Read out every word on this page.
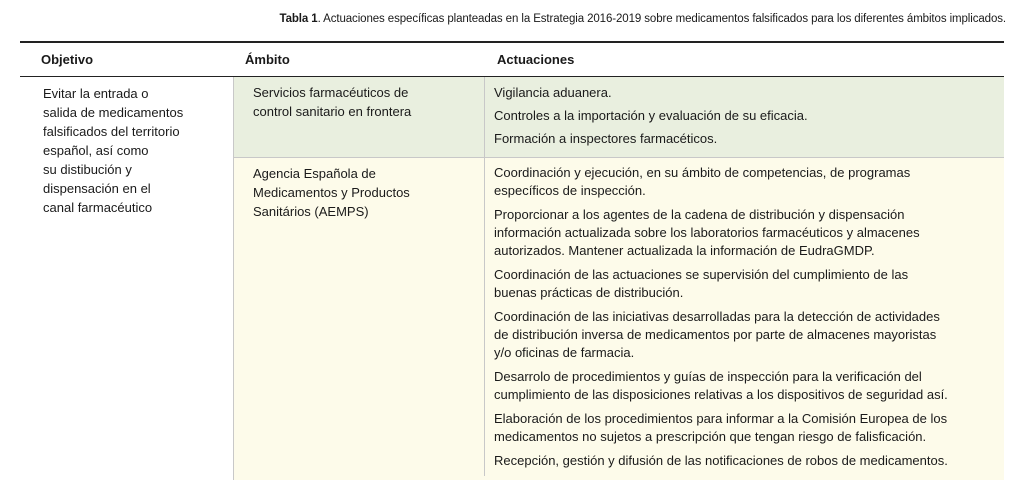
Tabla 1. Actuaciones específicas planteadas en la Estrategia 2016-2019 sobre medicamentos falsificados para los diferentes ámbitos implicados.
Objetivo	Ámbito	Actuaciones
Evitar la entrada o
salida de medicamentos
falsificados del territorio
español, así como
su distibución y
dispensación en el
canal farmacéutico
Servicios farmacéuticos de
control sanitario en frontera
Vigilancia aduanera.
Controles a la importación y evaluación de su eficacia.
Formación a inspectores farmacéticos.
Agencia Española de
Medicamentos y Productos
Sanitários (AEMPS)
Coordinación y ejecución, en su ámbito de competencias, de programas
específicos de inspección.
Proporcionar a los agentes de la cadena de distribución y dispensación
información actualizada sobre los laboratorios farmacéuticos y almacenes
autorizados. Mantener actualizada la información de EudraGMDP.
Coordinación de las actuaciones se supervisión del cumplimiento de las
buenas prácticas de distribución.
Coordinación de las iniciativas desarrolladas para la detección de actividades
de distribución inversa de medicamentos por parte de almacenes mayoristas
y/o oficinas de farmacia.
Desarrolo de procedimientos y guías de inspección para la verificación del
cumplimiento de las disposiciones relativas a los dispositivos de seguridad así.
Elaboración de los procedimientos para informar a la Comisión Europea de los
medicamentos no sujetos a prescripción que tengan riesgo de falisficación.
Recepción, gestión y difusión de las notificaciones de robos de medicamentos.
